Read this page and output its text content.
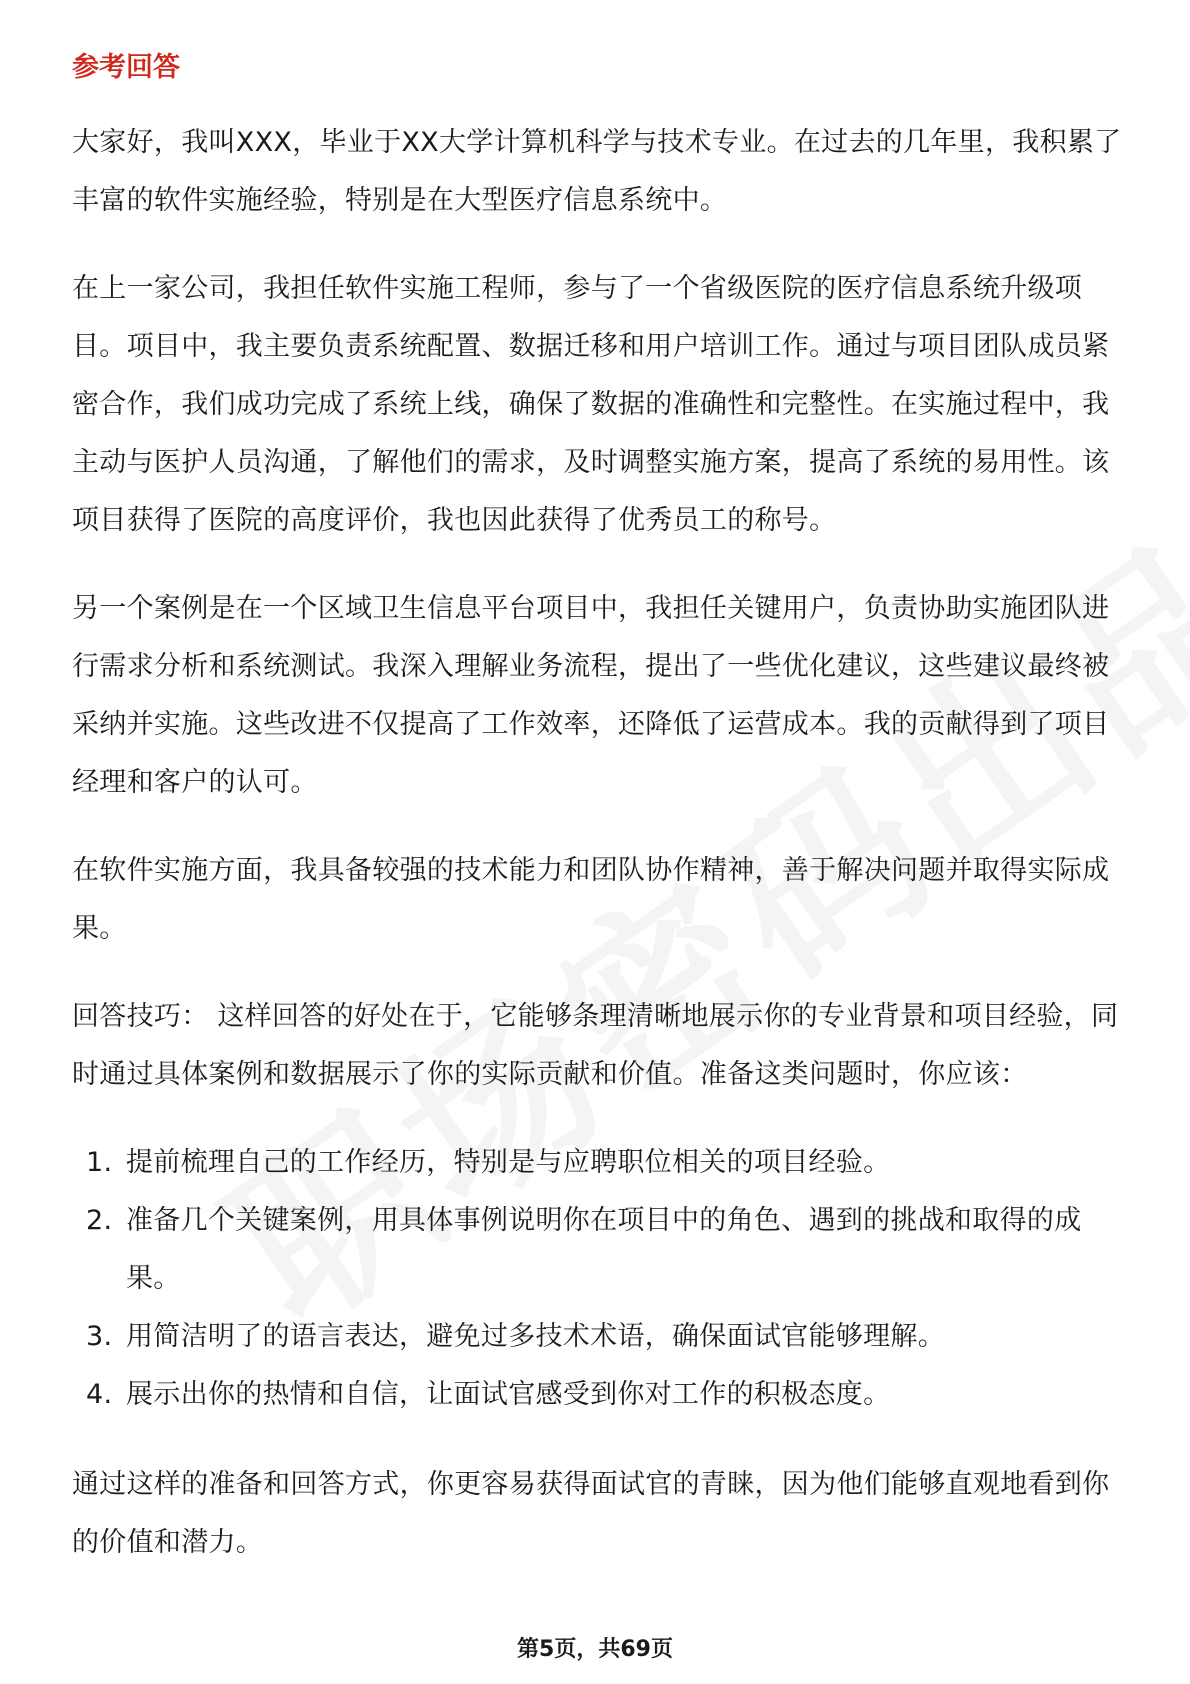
参考回答

大家好，我叫XXX，毕业于XX大学计算机科学与技术专业。在过去的几年里，我积累了丰富的软件实施经验，特别是在大型医疗信息系统中。

在上一家公司，我担任软件实施工程师，参与了一个省级医院的医疗信息系统升级项目。项目中，我主要负责系统配置、数据迁移和用户培训工作。通过与项目团队成员紧密合作，我们成功完成了系统上线，确保了数据的准确性和完整性。在实施过程中，我主动与医护人员沟通，了解他们的需求，及时调整实施方案，提高了系统的易用性。该项目获得了医院的高度评价，我也因此获得了优秀员工的称号。

另一个案例是在一个区域卫生信息平台项目中，我担任关键用户，负责协助实施团队进行需求分析和系统测试。我深入理解业务流程，提出了一些优化建议，这些建议最终被采纳并实施。这些改进不仅提高了工作效率，还降低了运营成本。我的贡献得到了项目经理和客户的认可。

在软件实施方面，我具备较强的技术能力和团队协作精神，善于解决问题并取得实际成果。

回答技巧： 这样回答的好处在于，它能够条理清晰地展示你的专业背景和项目经验，同时通过具体案例和数据展示了你的实际贡献和价值。准备这类问题时，你应该：

1. 提前梳理自己的工作经历，特别是与应聘职位相关的项目经验。
2. 准备几个关键案例，用具体事例说明你在项目中的角色、遇到的挑战和取得的成果。
3. 用简洁明了的语言表达，避免过多技术术语，确保面试官能够理解。
4. 展示出你的热情和自信，让面试官感受到你对工作的积极态度。

通过这样的准备和回答方式，你更容易获得面试官的青睐，因为他们能够直观地看到你的价值和潜力。

第5页，共69页
